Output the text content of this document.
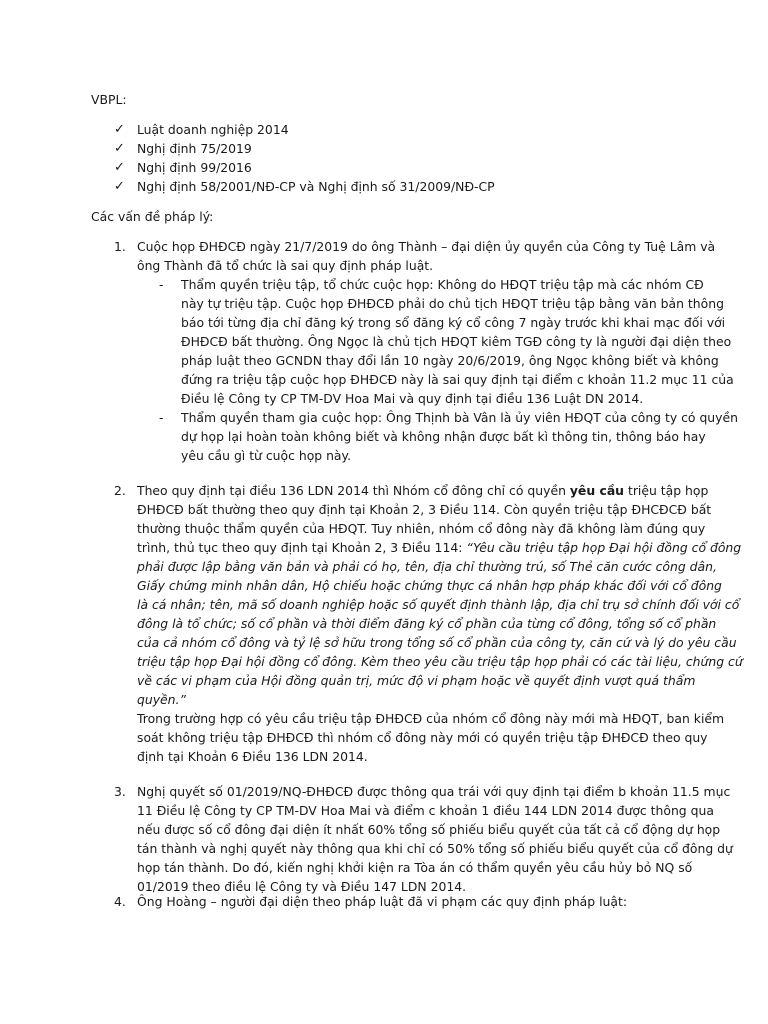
VBPL:
✓ Luật doanh nghiệp 2014
✓ Nghị định 75/2019
✓ Nghị định 99/2016
✓ Nghị định 58/2001/NĐ-CP và Nghị định số 31/2009/NĐ-CP
Các vấn đề pháp lý:
1. Cuộc họp ĐHĐCĐ ngày 21/7/2019 do ông Thành – đại diện ủy quyền của Công ty Tuệ Lâm và
ông Thành đã tổ chức là sai quy định pháp luật.
- Thẩm quyền triệu tập, tổ chức cuộc họp: Không do HĐQT triệu tập mà các nhóm CĐ
này tự triệu tập. Cuộc họp ĐHĐCĐ phải do chủ tịch HĐQT triệu tập bằng văn bản thông
báo tới từng địa chỉ đăng ký trong sổ đăng ký cổ công 7 ngày trước khi khai mạc đối với
ĐHĐCĐ bất thường. Ông Ngọc là chủ tịch HĐQT kiêm TGĐ công ty là người đại diện theo
pháp luật theo GCNDN thay đổi lần 10 ngày 20/6/2019, ông Ngọc không biết và không
đứng ra triệu tập cuộc họp ĐHĐCĐ này là sai quy định tại điểm c khoản 11.2 mục 11 của
Điều lệ Công ty CP TM-DV Hoa Mai và quy định tại điều 136 Luật DN 2014.
- Thẩm quyền tham gia cuộc họp: Ông Thịnh bà Vân là ủy viên HĐQT của công ty có quyền
dự họp lại hoàn toàn không biết và không nhận được bất kì thông tin, thông báo hay
yêu cầu gì từ cuộc họp này.
2. Theo quy định tại điều 136 LDN 2014 thì Nhóm cổ đông chỉ có quyền yêu cầu triệu tập họp
ĐHĐCĐ bất thường theo quy định tại Khoản 2, 3 Điều 114. Còn quyền triệu tập ĐHCĐCĐ bất
thường thuộc thẩm quyền của HĐQT. Tuy nhiên, nhóm cổ đông này đã không làm đúng quy
trình, thủ tục theo quy định tại Khoản 2, 3 Điều 114: “Yêu cầu triệu tập họp Đại hội đồng cổ đông
phải được lập bằng văn bản và phải có họ, tên, địa chỉ thường trú, số Thẻ căn cước công dân,
Giấy chứng minh nhân dân, Hộ chiếu hoặc chứng thực cá nhân hợp pháp khác đối với cổ đông
là cá nhân; tên, mã số doanh nghiệp hoặc số quyết định thành lập, địa chỉ trụ sở chính đối với cổ
đông là tổ chức; số cổ phần và thời điểm đăng ký cổ phần của từng cổ đông, tổng số cổ phần
của cả nhóm cổ đông và tỷ lệ sở hữu trong tổng số cổ phần của công ty, căn cứ và lý do yêu cầu
triệu tập họp Đại hội đồng cổ đông. Kèm theo yêu cầu triệu tập họp phải có các tài liệu, chứng cứ
về các vi phạm của Hội đồng quản trị, mức độ vi phạm hoặc về quyết định vượt quá thẩm
quyền.”
Trong trường hợp có yêu cầu triệu tập ĐHĐCĐ của nhóm cổ đông này mới mà HĐQT, ban kiểm
soát không triệu tập ĐHĐCĐ thì nhóm cổ đông này mới có quyền triệu tập ĐHĐCĐ theo quy
định tại Khoản 6 Điều 136 LDN 2014.
3. Nghị quyết số 01/2019/NQ-ĐHĐCĐ được thông qua trái với quy định tại điểm b khoản 11.5 mục
11 Điều lệ Công ty CP TM-DV Hoa Mai và điểm c khoản 1 điều 144 LDN 2014 được thông qua
nếu được số cổ đông đại diện ít nhất 60% tổng số phiếu biểu quyết của tất cả cổ động dự họp
tán thành và nghị quyết này thông qua khi chỉ có 50% tổng số phiếu biểu quyết của cổ đông dự
họp tán thành. Do đó, kiến nghị khởi kiện ra Tòa án có thẩm quyền yêu cầu hủy bỏ NQ số
01/2019 theo điều lệ Công ty và Điều 147 LDN 2014.
4. Ông Hoàng – người đại diện theo pháp luật đã vi phạm các quy định pháp luật:
